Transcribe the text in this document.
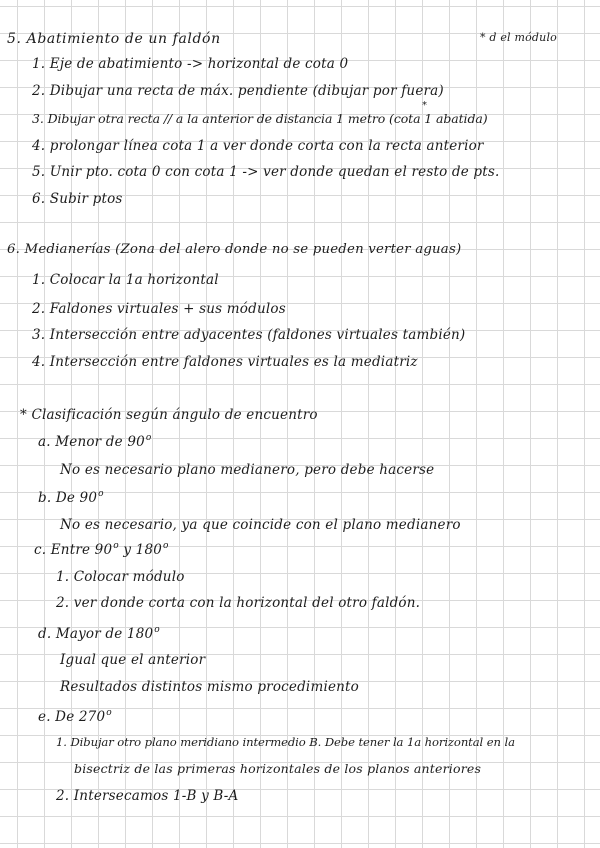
* d el módulo
5. Abatimiento de un faldón
1. Eje de abatimiento -> horizontal de cota 0
2. Dibujar una recta de máx. pendiente (dibujar por fuera)
3. Dibujar otra recta // a la anterior de distancia 1 metro (cota 1 abatida)
*
4. prolongar línea cota 1 a ver donde corta con la recta anterior
5. Unir pto. cota 0 con cota 1 -> ver donde quedan el resto de pts.
6. Subir ptos
6. Medianerías (Zona del alero donde no se pueden verter aguas)
1. Colocar la 1a horizontal
2. Faldones virtuales + sus módulos
3. Intersección entre adyacentes (faldones virtuales también)
4. Intersección entre faldones virtuales es la mediatriz
* Clasificación según ángulo de encuentro
a. Menor de 90$^o$
No es necesario plano medianero, pero debe hacerse
b. De 90$^o$
No es necesario, ya que coincide con el plano medianero
c. Entre 90$^o$ y 180$^o$
1. Colocar módulo
2. ver donde corta con la horizontal del otro faldón.
d. Mayor de 180$^o$
Igual que el anterior
Resultados distintos mismo procedimiento
e. De 270$^o$
1. Dibujar otro plano meridiano intermedio B. Debe tener la 1a horizontal en la
bisectriz de las primeras horizontales de los planos anteriores
2. Intersecamos 1-B y B-A
